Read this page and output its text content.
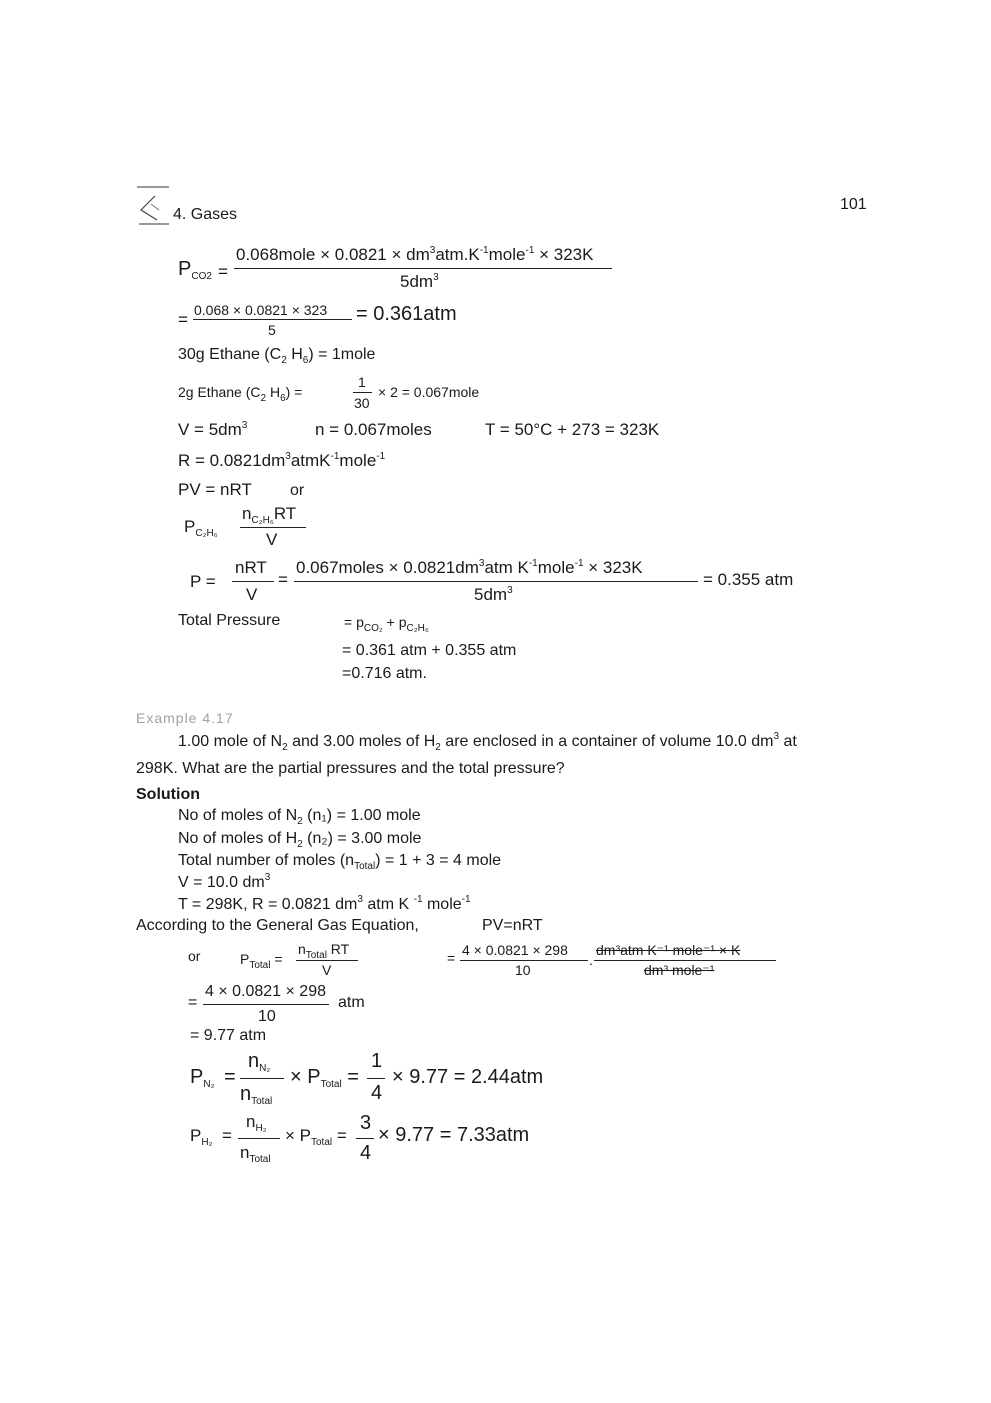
4. Gases
101
$P_{CO2}$ =
0.068mole × $0.0821 \times dm^3atm.K^{-1}mole^{-1} \times 323K$
$5dm^3$
= 0.068 × 0.0821 × 323
5
= 0.361atm
30g Ethane ($C_2$ $H_6$) = 1mole
2g Ethane ($C_2$ $H_6$) =
1
30
× 2 = 0.067mole
$V = 5dm^3$	n = 0.067moles	T = 50°C + 273 = 323K
$R = 0.0821dm^3atmK^{-1}mole^{-1}$
PV = nRT or
$P_{C_2H_6}$
$n_{C_2H_6}RT$
V
P =
nRT
V
=
0.067moles × $0.0821dm^3atm$ $K^{-1}mole^{-1} \times 323K$
$5dm^3$
= 0.355 atm
Total Pressure	= $p_{CO_2} + p_{C_2H_6}$
= 0.361 atm + 0.355 atm
=0.716 atm.
Example 4.17
1.00 mole of $N_2$ and 3.00 moles of $H_2$ are enclosed in a container of volume 10.0 $dm^3$ at
298K. What are the partial pressures and the total pressure?
Solution
No of moles of $N_2$ (n₁) = 1.00 mole
No of moles of $H_2$ (n₂) = 3.00 mole
Total number of moles $(n_{Total}) = 1 + 3 = 4$ mole
V = 10.0 $dm^3$
T = 298K, R = 0.0821 $dm^3$ atm K $^{-1}$ mole$^{-1}$
According to the General Gas Equation,	PV=nRT
or	$P_{Total}$ =
$n_{Total}$ RT
V
= 4 × 0.0821 × 298
10
.
dm³atm K⁻¹ mole⁻¹ × K
dm³ mole⁻¹
=
4 × 0.0821 × 298
10
atm
= 9.77 atm
$P_{N_2}$ =
$n_{N_2}$
$n_{Total}$
× $P_{Total}$ =
1
4
× 9.77 = 2.44atm
$P_{H_2}$ =
$n_{H_2}$
$n_{Total}$
× $P_{Total}$ =
3
4
× 9.77 = 7.33atm
